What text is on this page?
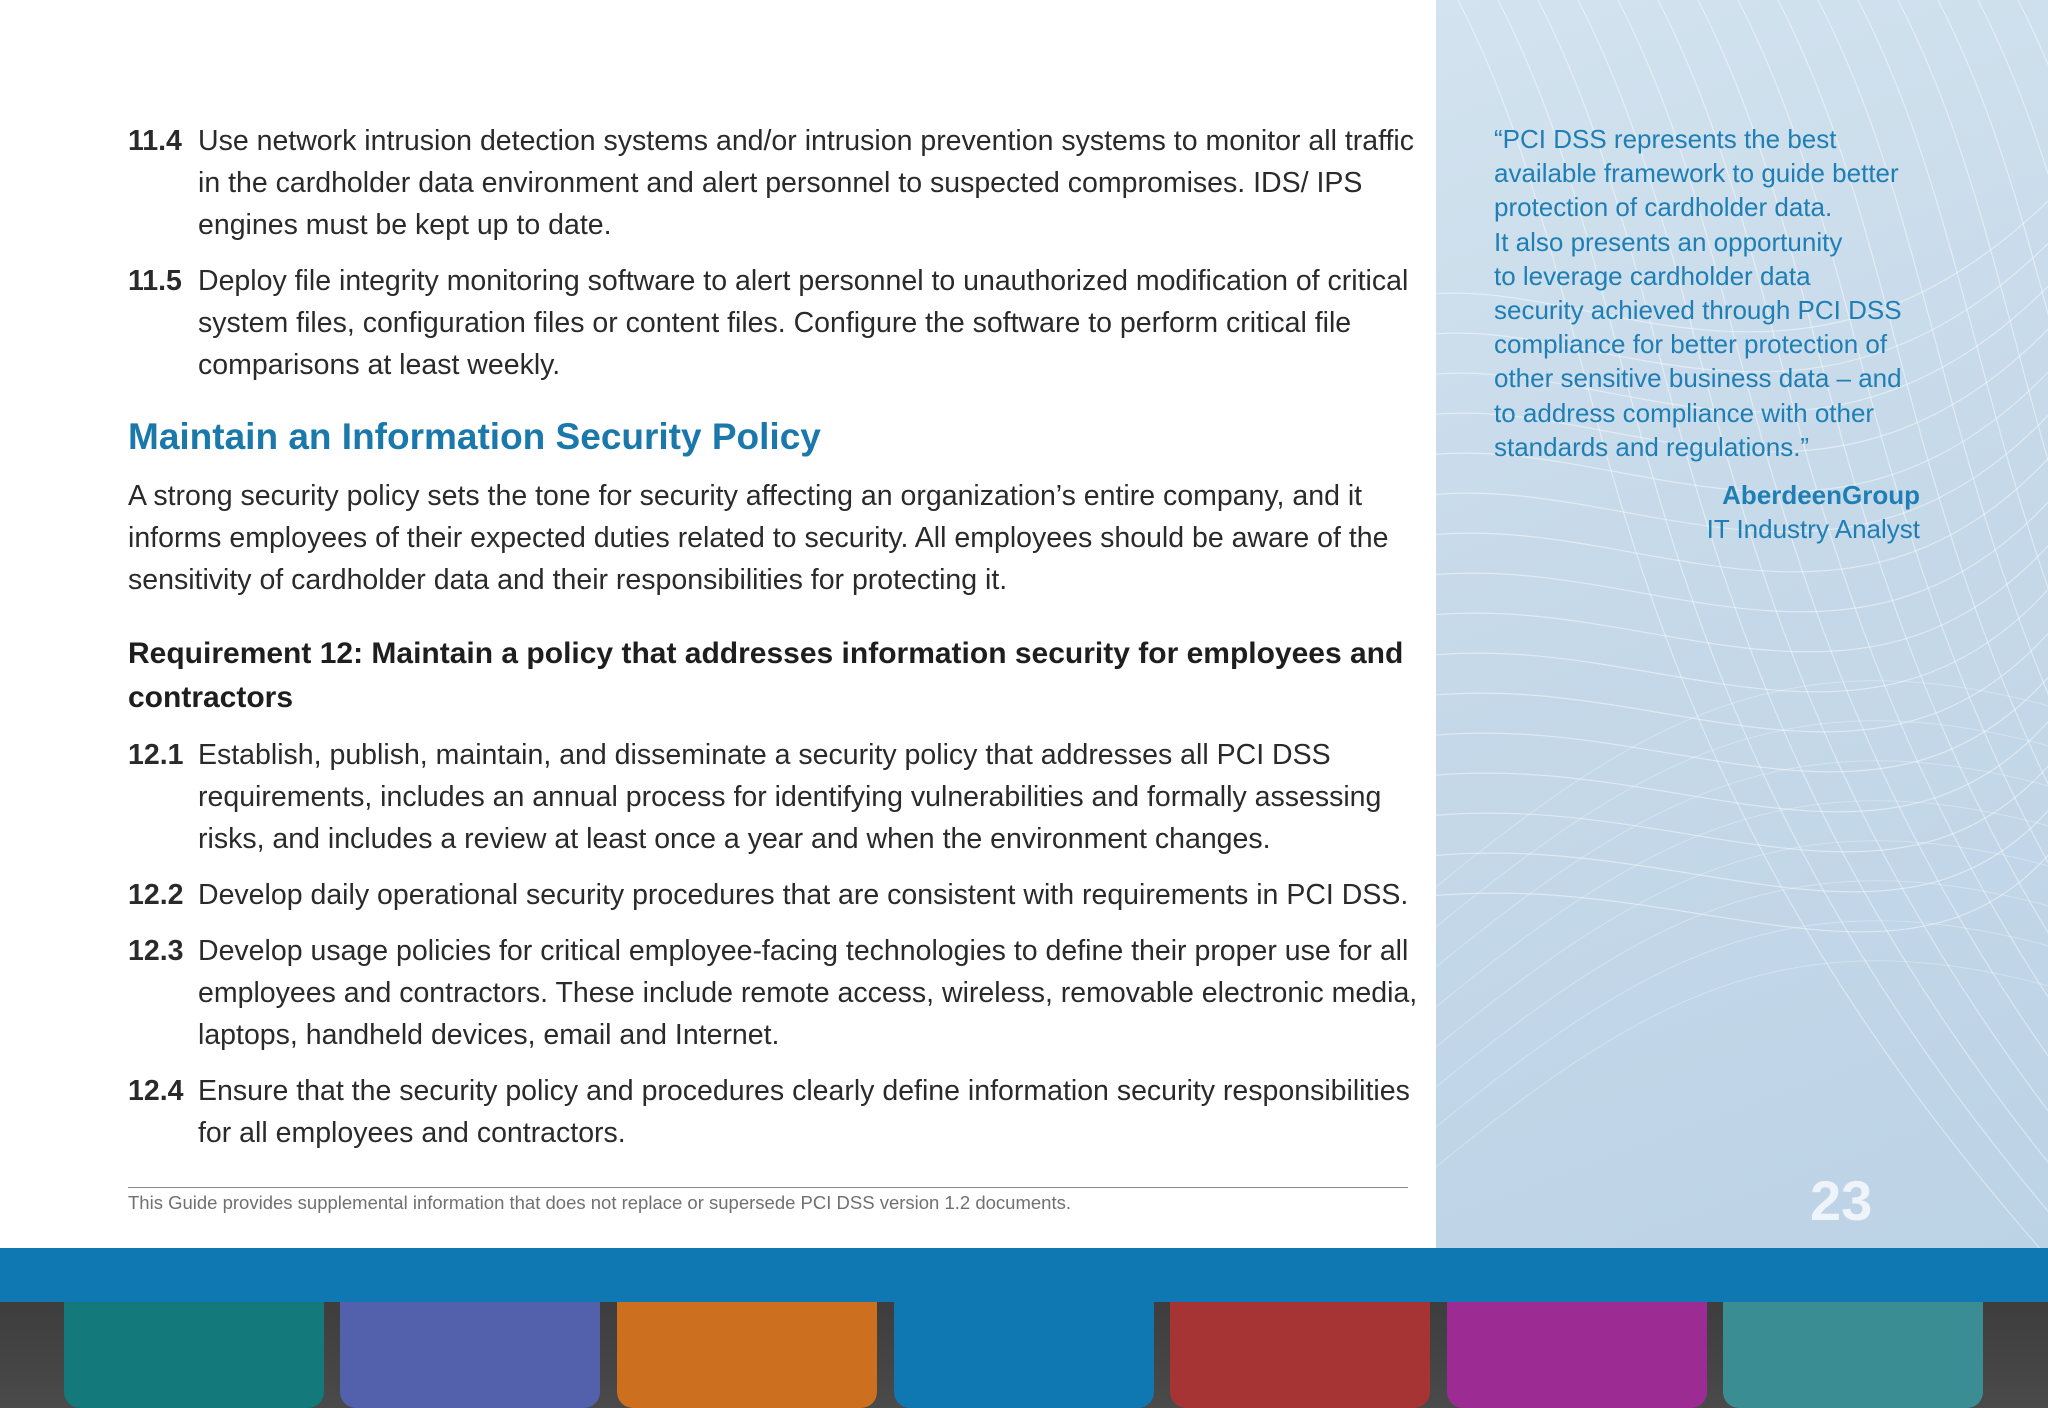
11.4 Use network intrusion detection systems and/or intrusion prevention systems to monitor all traffic in the cardholder data environment and alert personnel to suspected compromises. IDS/ IPS engines must be kept up to date.
11.5 Deploy file integrity monitoring software to alert personnel to unauthorized modification of critical system files, configuration files or content files. Configure the software to perform critical file comparisons at least weekly.
Maintain an Information Security Policy
A strong security policy sets the tone for security affecting an organization’s entire company, and it informs employees of their expected duties related to security. All employees should be aware of the sensitivity of cardholder data and their responsibilities for protecting it.
Requirement 12: Maintain a policy that addresses information security for employees and contractors
12.1 Establish, publish, maintain, and disseminate a security policy that addresses all PCI DSS requirements, includes an annual process for identifying vulnerabilities and formally assessing risks, and includes a review at least once a year and when the environment changes.
12.2 Develop daily operational security procedures that are consistent with requirements in PCI DSS.
12.3 Develop usage policies for critical employee-facing technologies to define their proper use for all employees and contractors. These include remote access, wireless, removable electronic media, laptops, handheld devices, email and Internet.
12.4 Ensure that the security policy and procedures clearly define information security responsibilities for all employees and contractors.
This Guide provides supplemental information that does not replace or supersede PCI DSS version 1.2 documents.
“PCI DSS represents the best
available framework to guide better
protection of cardholder data.
It also presents an opportunity
to leverage cardholder data
security achieved through PCI DSS
compliance for better protection of
other sensitive business data – and
to address compliance with other
standards and regulations.”
AberdeenGroup
IT Industry Analyst
23
